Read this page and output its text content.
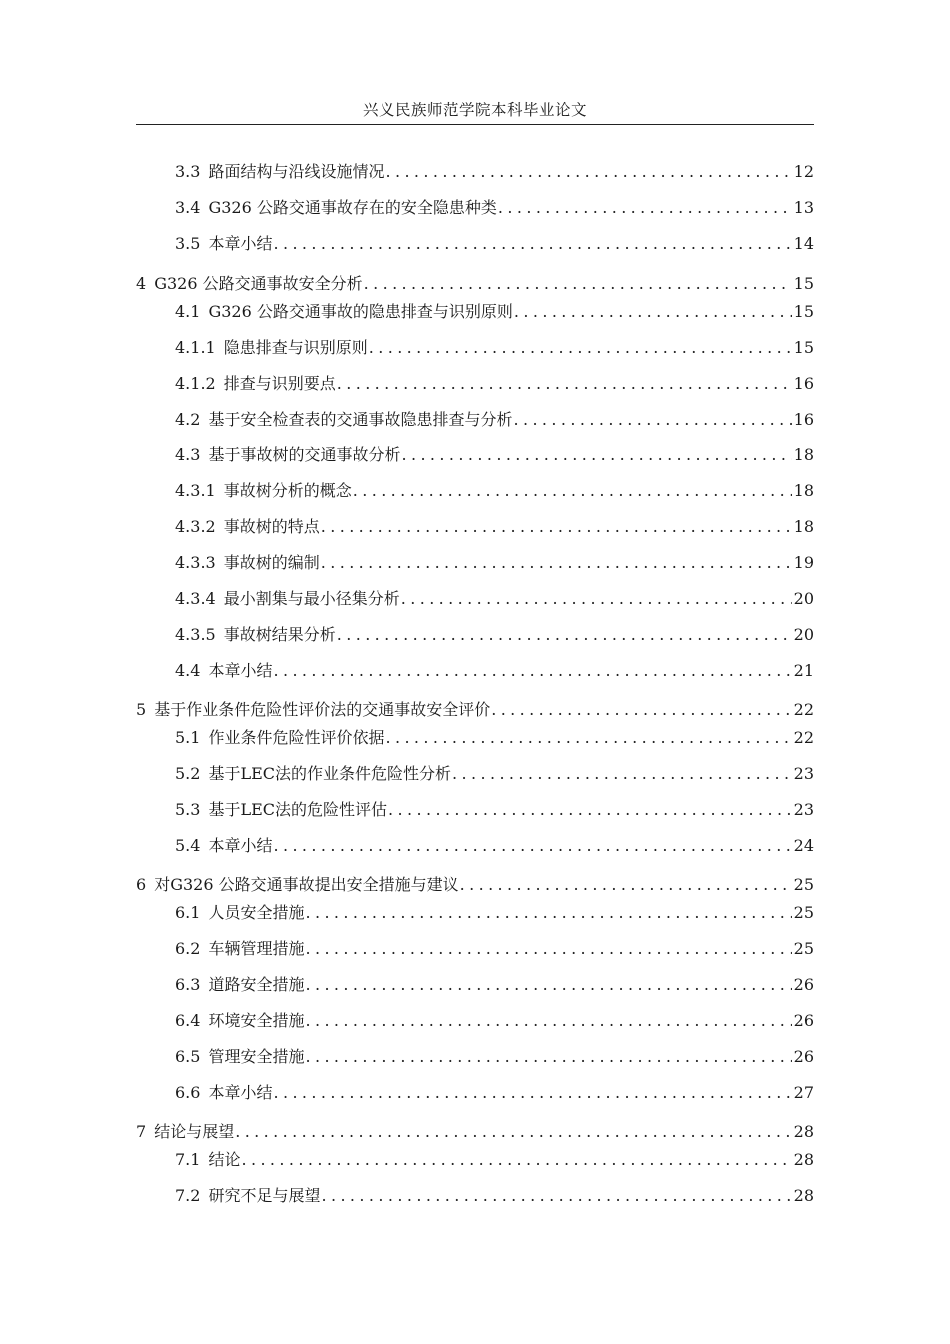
兴义民族师范学院本科毕业论文
3.3 路面结构与沿线设施情况 .....	12
3.4 G326 公路交通事故存在的安全隐患种类 .....	13
3.5 本章小结 .....	14
4 G326 公路交通事故安全分析 .....	15
4.1 G326 公路交通事故的隐患排查与识别原则 .....	15
4.1.1 隐患排查与识别原则 .....	15
4.1.2 排查与识别要点 .....	16
4.2 基于安全检查表的交通事故隐患排查与分析 .....	16
4.3 基于事故树的交通事故分析 .....	18
4.3.1 事故树分析的概念 .....	18
4.3.2 事故树的特点 .....	18
4.3.3 事故树的编制 .....	19
4.3.4 最小割集与最小径集分析 .....	20
4.3.5 事故树结果分析 .....	20
4.4 本章小结 .....	21
5 基于作业条件危险性评价法的交通事故安全评价 .....	22
5.1 作业条件危险性评价依据 .....	22
5.2 基于LEC法的作业条件危险性分析 .....	23
5.3 基于LEC法的危险性评估 .....	23
5.4 本章小结 .....	24
6 对G326 公路交通事故提出安全措施与建议 .....	25
6.1 人员安全措施 .....	25
6.2 车辆管理措施 .....	25
6.3 道路安全措施 .....	26
6.4 环境安全措施 .....	26
6.5 管理安全措施 .....	26
6.6 本章小结 .....	27
7 结论与展望 .....	28
7.1 结论 .....	28
7.2 研究不足与展望 .....	28
